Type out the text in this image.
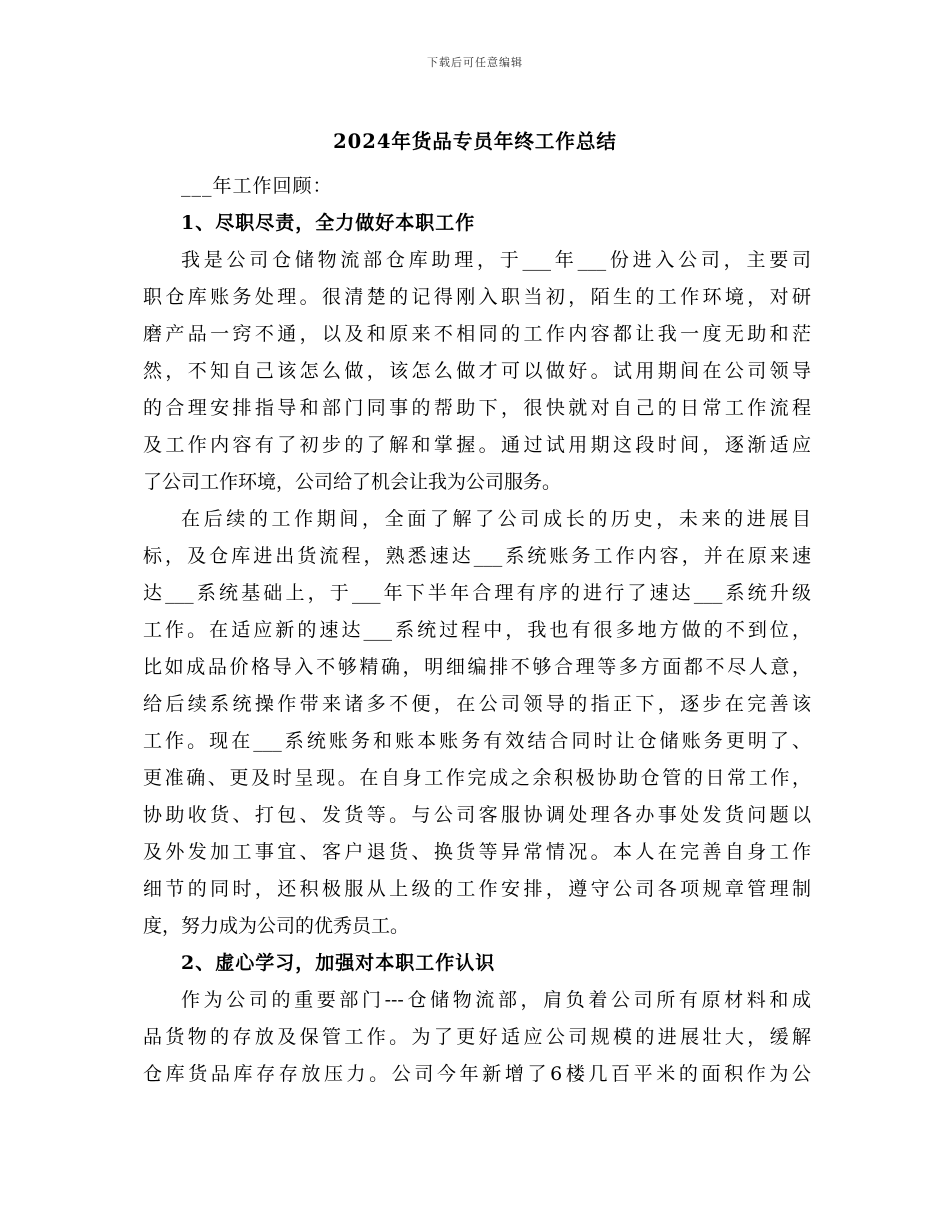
下载后可任意编辑
2024年货品专员年终工作总结
___年工作回顾：
1、尽职尽责，全力做好本职工作
我是公司仓储物流部仓库助理，于___年___份进入公司，主要司
职仓库账务处理。很清楚的记得刚入职当初，陌生的工作环境，对研
磨产品一窍不通，以及和原来不相同的工作内容都让我一度无助和茫
然，不知自己该怎么做，该怎么做才可以做好。试用期间在公司领导
的合理安排指导和部门同事的帮助下，很快就对自己的日常工作流程
及工作内容有了初步的了解和掌握。通过试用期这段时间，逐渐适应
了公司工作环境，公司给了机会让我为公司服务。
在后续的工作期间，全面了解了公司成长的历史，未来的进展目
标，及仓库进出货流程，熟悉速达___系统账务工作内容，并在原来速
达___系统基础上，于___年下半年合理有序的进行了速达___系统升级
工作。在适应新的速达___系统过程中，我也有很多地方做的不到位，
比如成品价格导入不够精确，明细编排不够合理等多方面都不尽人意，
给后续系统操作带来诸多不便，在公司领导的指正下，逐步在完善该
工作。现在___系统账务和账本账务有效结合同时让仓储账务更明了、
更准确、更及时呈现。在自身工作完成之余积极协助仓管的日常工作，
协助收货、打包、发货等。与公司客服协调处理各办事处发货问题以
及外发加工事宜、客户退货、换货等异常情况。本人在完善自身工作
细节的同时，还积极服从上级的工作安排，遵守公司各项规章管理制
度，努力成为公司的优秀员工。
2、虚心学习，加强对本职工作认识
作为公司的重要部门---仓储物流部，肩负着公司所有原材料和成
品货物的存放及保管工作。为了更好适应公司规模的进展壮大，缓解
仓库货品库存存放压力。公司今年新增了6楼几百平米的面积作为公
